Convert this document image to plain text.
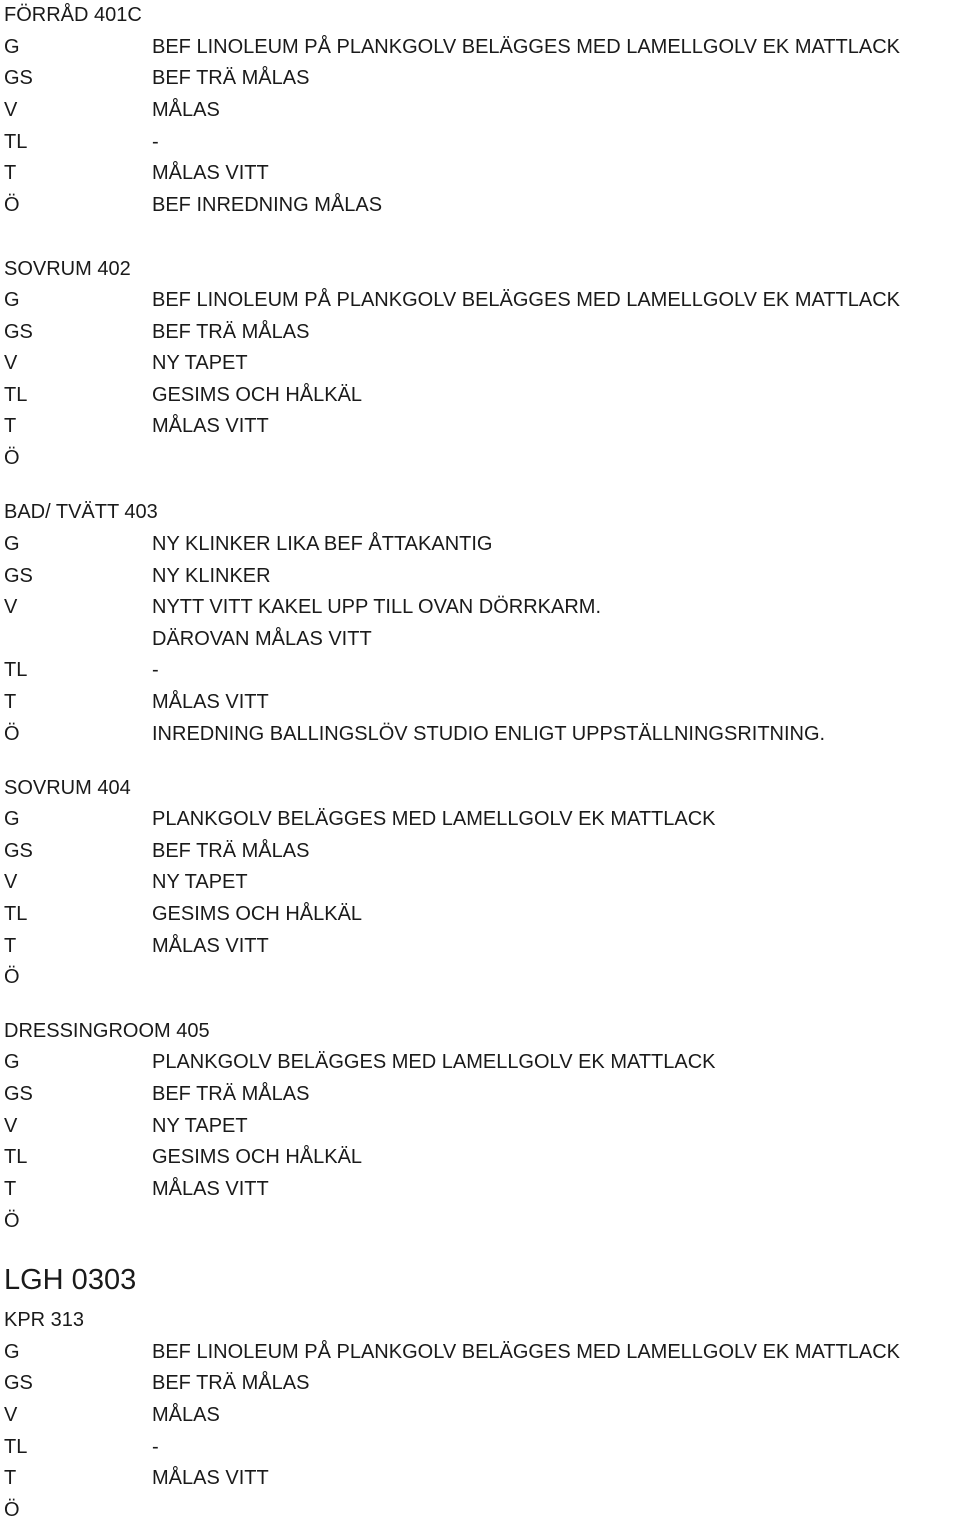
FÖRRÅD 401C
G	BEF LINOLEUM PÅ PLANKGOLV BELÄGGES MED LAMELLGOLV EK MATTLACK
GS	BEF TRÄ MÅLAS
V	MÅLAS
TL	-
T	MÅLAS VITT
Ö	BEF INREDNING MÅLAS
SOVRUM 402
G	BEF LINOLEUM PÅ PLANKGOLV BELÄGGES MED LAMELLGOLV EK MATTLACK
GS	BEF TRÄ MÅLAS
V	NY TAPET
TL	GESIMS OCH HÅLKÄL
T	MÅLAS VITT
Ö
BAD/ TVÄTT 403
G	NY KLINKER LIKA BEF ÅTTAKANTIG
GS	NY KLINKER
V	NYTT VITT KAKEL UPP TILL OVAN DÖRRKARM.
DÄROVAN MÅLAS VITT
TL	-
T	MÅLAS VITT
Ö	INREDNING BALLINGSLÖV STUDIO ENLIGT UPPSTÄLLNINGSRITNING.
SOVRUM 404
G	PLANKGOLV BELÄGGES MED LAMELLGOLV EK MATTLACK
GS	BEF TRÄ MÅLAS
V	NY TAPET
TL	GESIMS OCH HÅLKÄL
T	MÅLAS VITT
Ö
DRESSINGROOM 405
G	PLANKGOLV BELÄGGES MED LAMELLGOLV EK MATTLACK
GS	BEF TRÄ MÅLAS
V	NY TAPET
TL	GESIMS OCH HÅLKÄL
T	MÅLAS VITT
Ö
LGH 0303
KPR 313
G	BEF LINOLEUM PÅ PLANKGOLV BELÄGGES MED LAMELLGOLV EK MATTLACK
GS	BEF TRÄ MÅLAS
V	MÅLAS
TL	-
T	MÅLAS VITT
Ö
